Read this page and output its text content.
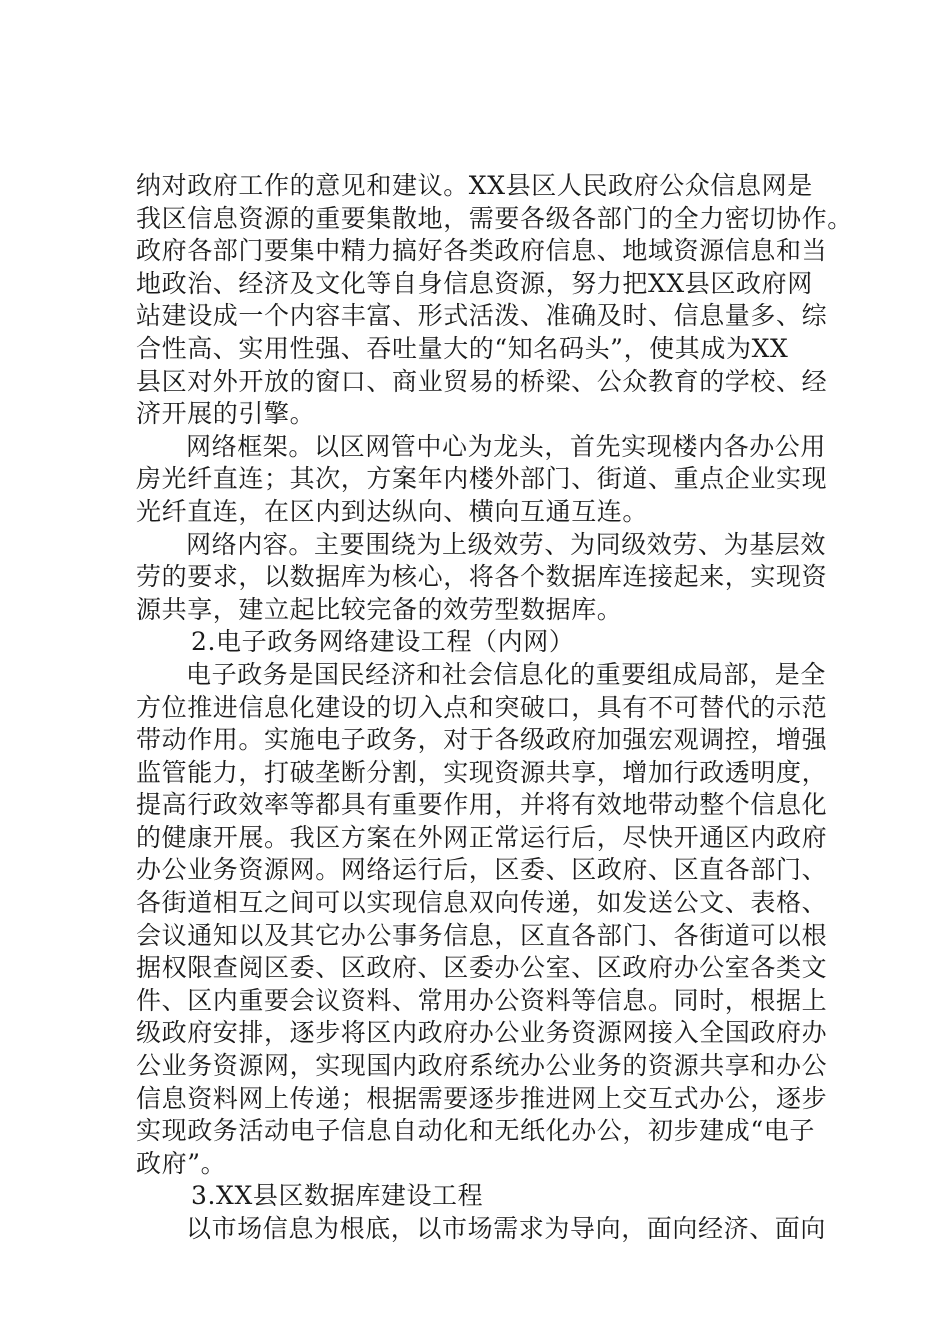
纳对政府工作的意见和建议。XX县区人民政府公众信息网是
我区信息资源的重要集散地，需要各级各部门的全力密切协作。
政府各部门要集中精力搞好各类政府信息、地域资源信息和当
地政治、经济及文化等自身信息资源，努力把XX县区政府网
站建设成一个内容丰富、形式活泼、准确及时、信息量多、综
合性高、实用性强、吞吐量大的“知名码头”，使其成为XX
县区对外开放的窗口、商业贸易的桥梁、公众教育的学校、经
济开展的引擎。
网络框架。以区网管中心为龙头，首先实现楼内各办公用
房光纤直连；其次，方案年内楼外部门、街道、重点企业实现
光纤直连，在区内到达纵向、横向互通互连。
网络内容。主要围绕为上级效劳、为同级效劳、为基层效
劳的要求，以数据库为核心，将各个数据库连接起来，实现资
源共享，建立起比较完备的效劳型数据库。
2.电子政务网络建设工程（内网）
电子政务是国民经济和社会信息化的重要组成局部，是全
方位推进信息化建设的切入点和突破口，具有不可替代的示范
带动作用。实施电子政务，对于各级政府加强宏观调控，增强
监管能力，打破垄断分割，实现资源共享，增加行政透明度，
提高行政效率等都具有重要作用，并将有效地带动整个信息化
的健康开展。我区方案在外网正常运行后，尽快开通区内政府
办公业务资源网。网络运行后，区委、区政府、区直各部门、
各街道相互之间可以实现信息双向传递，如发送公文、表格、
会议通知以及其它办公事务信息，区直各部门、各街道可以根
据权限查阅区委、区政府、区委办公室、区政府办公室各类文
件、区内重要会议资料、常用办公资料等信息。同时，根据上
级政府安排，逐步将区内政府办公业务资源网接入全国政府办
公业务资源网，实现国内政府系统办公业务的资源共享和办公
信息资料网上传递；根据需要逐步推进网上交互式办公，逐步
实现政务活动电子信息自动化和无纸化办公，初步建成“电子
政府”。
3.XX县区数据库建设工程
以市场信息为根底，以市场需求为导向，面向经济、面向
